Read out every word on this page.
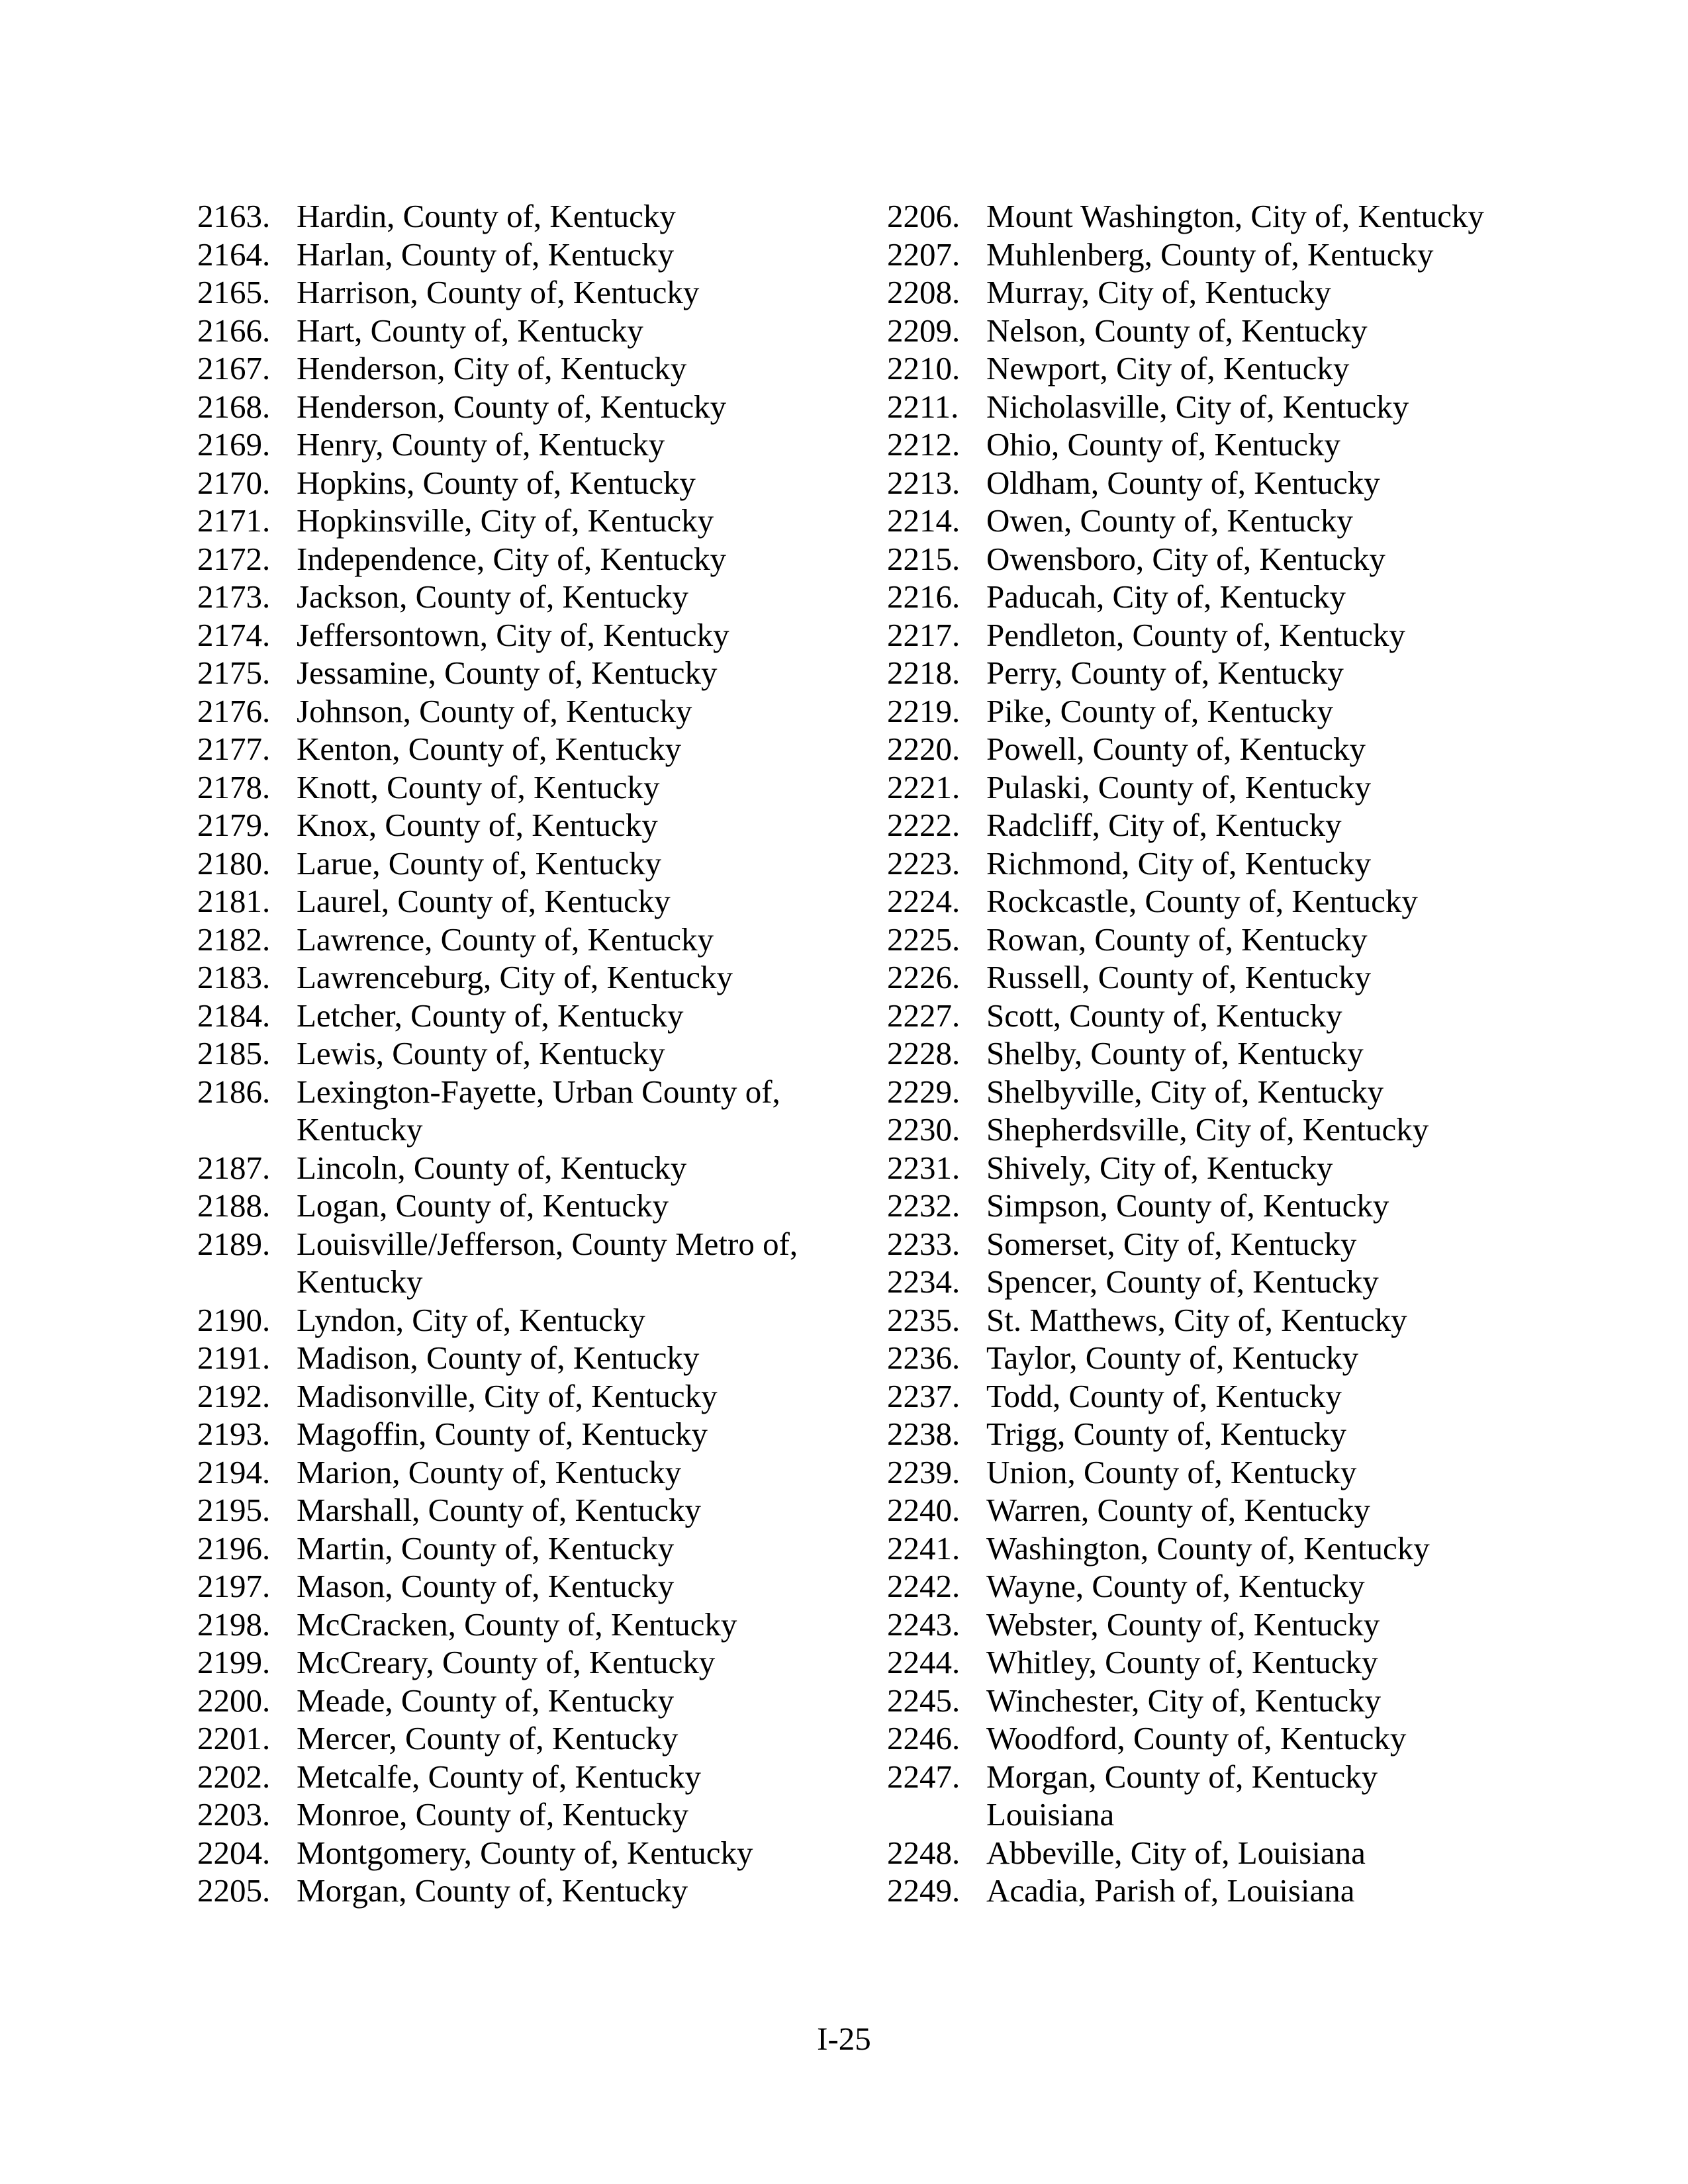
2163. Hardin, County of, Kentucky
2164. Harlan, County of, Kentucky
2165. Harrison, County of, Kentucky
2166. Hart, County of, Kentucky
2167. Henderson, City of, Kentucky
2168. Henderson, County of, Kentucky
2169. Henry, County of, Kentucky
2170. Hopkins, County of, Kentucky
2171. Hopkinsville, City of, Kentucky
2172. Independence, City of, Kentucky
2173. Jackson, County of, Kentucky
2174. Jeffersontown, City of, Kentucky
2175. Jessamine, County of, Kentucky
2176. Johnson, County of, Kentucky
2177. Kenton, County of, Kentucky
2178. Knott, County of, Kentucky
2179. Knox, County of, Kentucky
2180. Larue, County of, Kentucky
2181. Laurel, County of, Kentucky
2182. Lawrence, County of, Kentucky
2183. Lawrenceburg, City of, Kentucky
2184. Letcher, County of, Kentucky
2185. Lewis, County of, Kentucky
2186. Lexington-Fayette, Urban County of, Kentucky
2187. Lincoln, County of, Kentucky
2188. Logan, County of, Kentucky
2189. Louisville/Jefferson, County Metro of, Kentucky
2190. Lyndon, City of, Kentucky
2191. Madison, County of, Kentucky
2192. Madisonville, City of, Kentucky
2193. Magoffin, County of, Kentucky
2194. Marion, County of, Kentucky
2195. Marshall, County of, Kentucky
2196. Martin, County of, Kentucky
2197. Mason, County of, Kentucky
2198. McCracken, County of, Kentucky
2199. McCreary, County of, Kentucky
2200. Meade, County of, Kentucky
2201. Mercer, County of, Kentucky
2202. Metcalfe, County of, Kentucky
2203. Monroe, County of, Kentucky
2204. Montgomery, County of, Kentucky
2205. Morgan, County of, Kentucky
2206. Mount Washington, City of, Kentucky
2207. Muhlenberg, County of, Kentucky
2208. Murray, City of, Kentucky
2209. Nelson, County of, Kentucky
2210. Newport, City of, Kentucky
2211. Nicholasville, City of, Kentucky
2212. Ohio, County of, Kentucky
2213. Oldham, County of, Kentucky
2214. Owen, County of, Kentucky
2215. Owensboro, City of, Kentucky
2216. Paducah, City of, Kentucky
2217. Pendleton, County of, Kentucky
2218. Perry, County of, Kentucky
2219. Pike, County of, Kentucky
2220. Powell, County of, Kentucky
2221. Pulaski, County of, Kentucky
2222. Radcliff, City of, Kentucky
2223. Richmond, City of, Kentucky
2224. Rockcastle, County of, Kentucky
2225. Rowan, County of, Kentucky
2226. Russell, County of, Kentucky
2227. Scott, County of, Kentucky
2228. Shelby, County of, Kentucky
2229. Shelbyville, City of, Kentucky
2230. Shepherdsville, City of, Kentucky
2231. Shively, City of, Kentucky
2232. Simpson, County of, Kentucky
2233. Somerset, City of, Kentucky
2234. Spencer, County of, Kentucky
2235. St. Matthews, City of, Kentucky
2236. Taylor, County of, Kentucky
2237. Todd, County of, Kentucky
2238. Trigg, County of, Kentucky
2239. Union, County of, Kentucky
2240. Warren, County of, Kentucky
2241. Washington, County of, Kentucky
2242. Wayne, County of, Kentucky
2243. Webster, County of, Kentucky
2244. Whitley, County of, Kentucky
2245. Winchester, City of, Kentucky
2246. Woodford, County of, Kentucky
2247. Morgan, County of, Kentucky
Louisiana
2248. Abbeville, City of, Louisiana
2249. Acadia, Parish of, Louisiana
I-25
